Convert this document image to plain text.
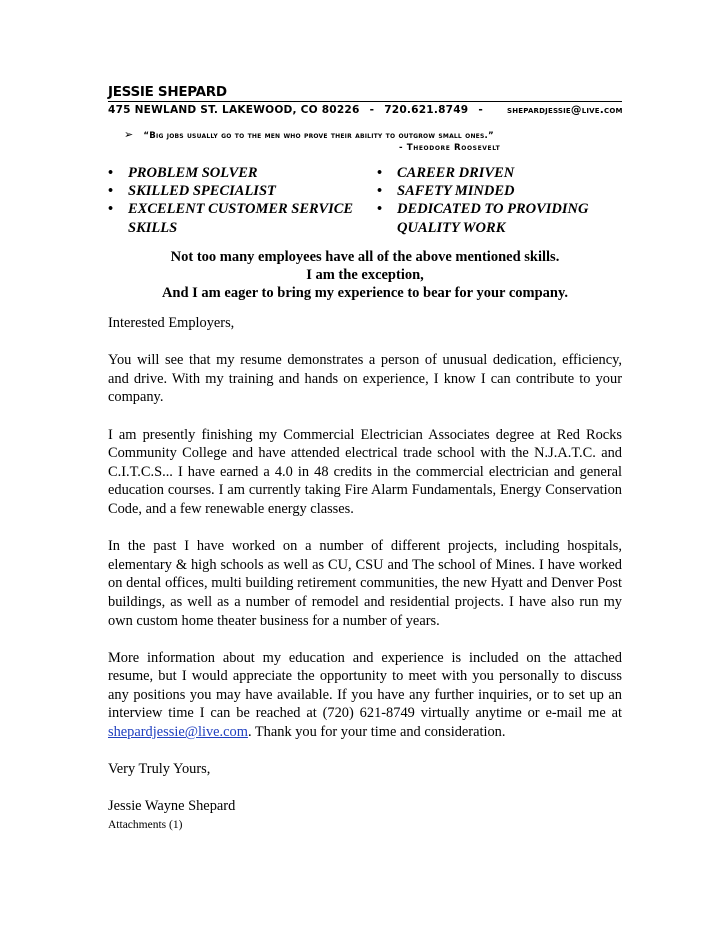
JESSIE SHEPARD
475 NEWLAND ST. LAKEWOOD, CO 80226 - 720.621.8749 - shepardjessie@live.com
➢ “Big jobs usually go to the men who prove their ability to outgrow small ones.”
- Theodore Roosevelt
• PROBLEM SOLVER
• SKILLED SPECIALIST
• EXCELENT CUSTOMER SERVICE SKILLS
• CAREER DRIVEN
• SAFETY MINDED
• DEDICATED TO PROVIDING QUALITY WORK
Not too many employees have all of the above mentioned skills.
I am the exception,
And I am eager to bring my experience to bear for your company.

Interested Employers,

You will see that my resume demonstrates a person of unusual dedication, efficiency, and drive. With my training and hands on experience, I know I can contribute to your company.

I am presently finishing my Commercial Electrician Associates degree at Red Rocks Community College and have attended electrical trade school with the N.J.A.T.C. and C.I.T.C.S... I have earned a 4.0 in 48 credits in the commercial electrician and general education courses. I am currently taking Fire Alarm Fundamentals, Energy Conservation Code, and a few renewable energy classes.

In the past I have worked on a number of different projects, including hospitals, elementary & high schools as well as CU, CSU and The school of Mines. I have worked on dental offices, multi building retirement communities, the new Hyatt and Denver Post buildings, as well as a number of remodel and residential projects. I have also run my own custom home theater business for a number of years.

More information about my education and experience is included on the attached resume, but I would appreciate the opportunity to meet with you personally to discuss any positions you may have available. If you have any further inquiries, or to set up an interview time I can be reached at (720) 621-8749 virtually anytime or e-mail me at shepardjessie@live.com. Thank you for your time and consideration.

Very Truly Yours,

Jessie Wayne Shepard
Attachments (1)
